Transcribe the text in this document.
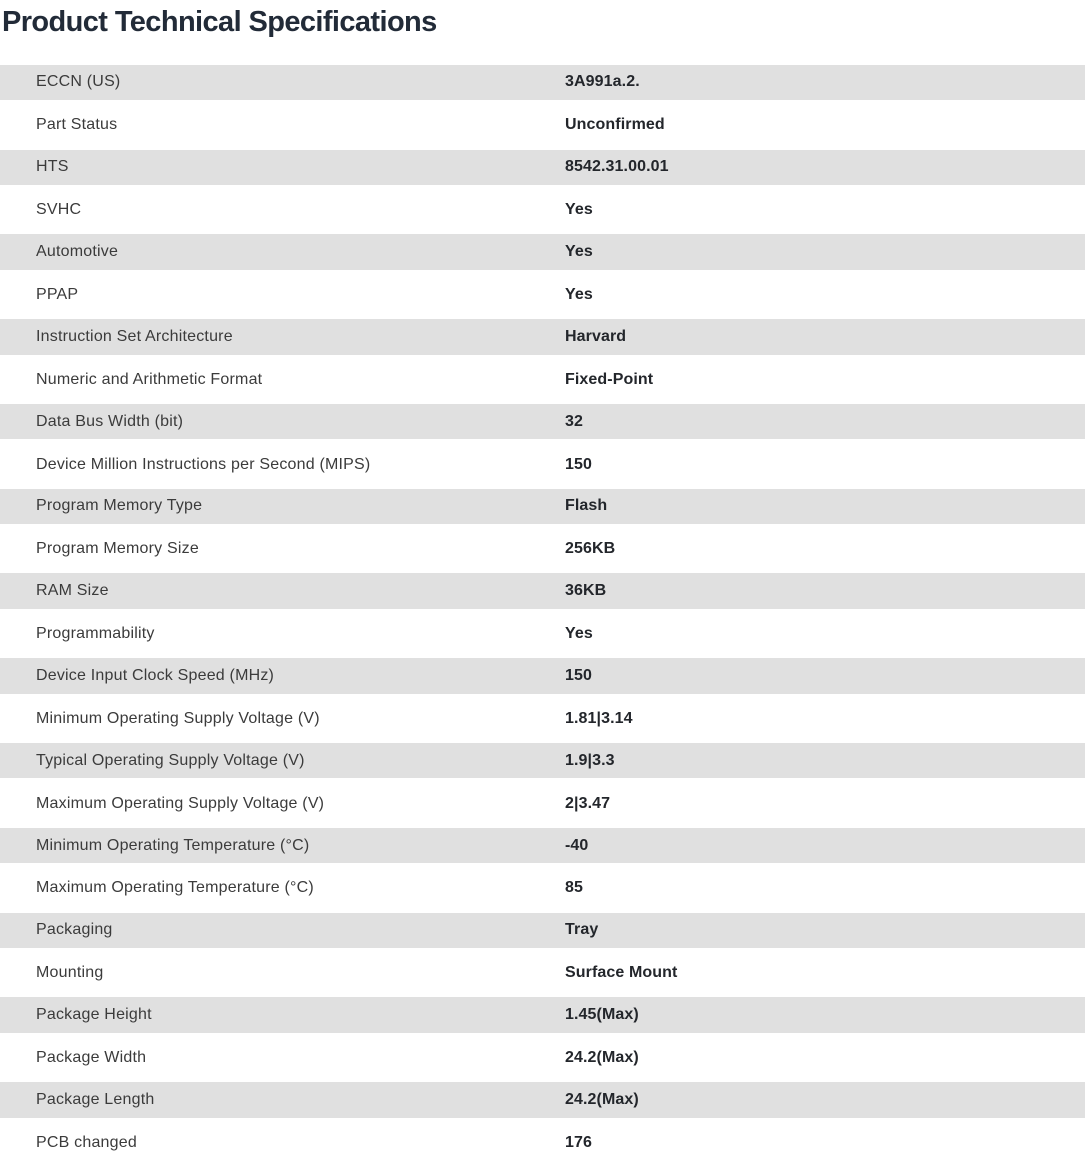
Product Technical Specifications
ECCN (US)	3A991a.2.
Part Status	Unconfirmed
HTS	8542.31.00.01
SVHC	Yes
Automotive	Yes
PPAP	Yes
Instruction Set Architecture	Harvard
Numeric and Arithmetic Format	Fixed-Point
Data Bus Width (bit)	32
Device Million Instructions per Second (MIPS)	150
Program Memory Type	Flash
Program Memory Size	256KB
RAM Size	36KB
Programmability	Yes
Device Input Clock Speed (MHz)	150
Minimum Operating Supply Voltage (V)	1.81|3.14
Typical Operating Supply Voltage (V)	1.9|3.3
Maximum Operating Supply Voltage (V)	2|3.47
Minimum Operating Temperature (°C)	-40
Maximum Operating Temperature (°C)	85
Packaging	Tray
Mounting	Surface Mount
Package Height	1.45(Max)
Package Width	24.2(Max)
Package Length	24.2(Max)
PCB changed	176
